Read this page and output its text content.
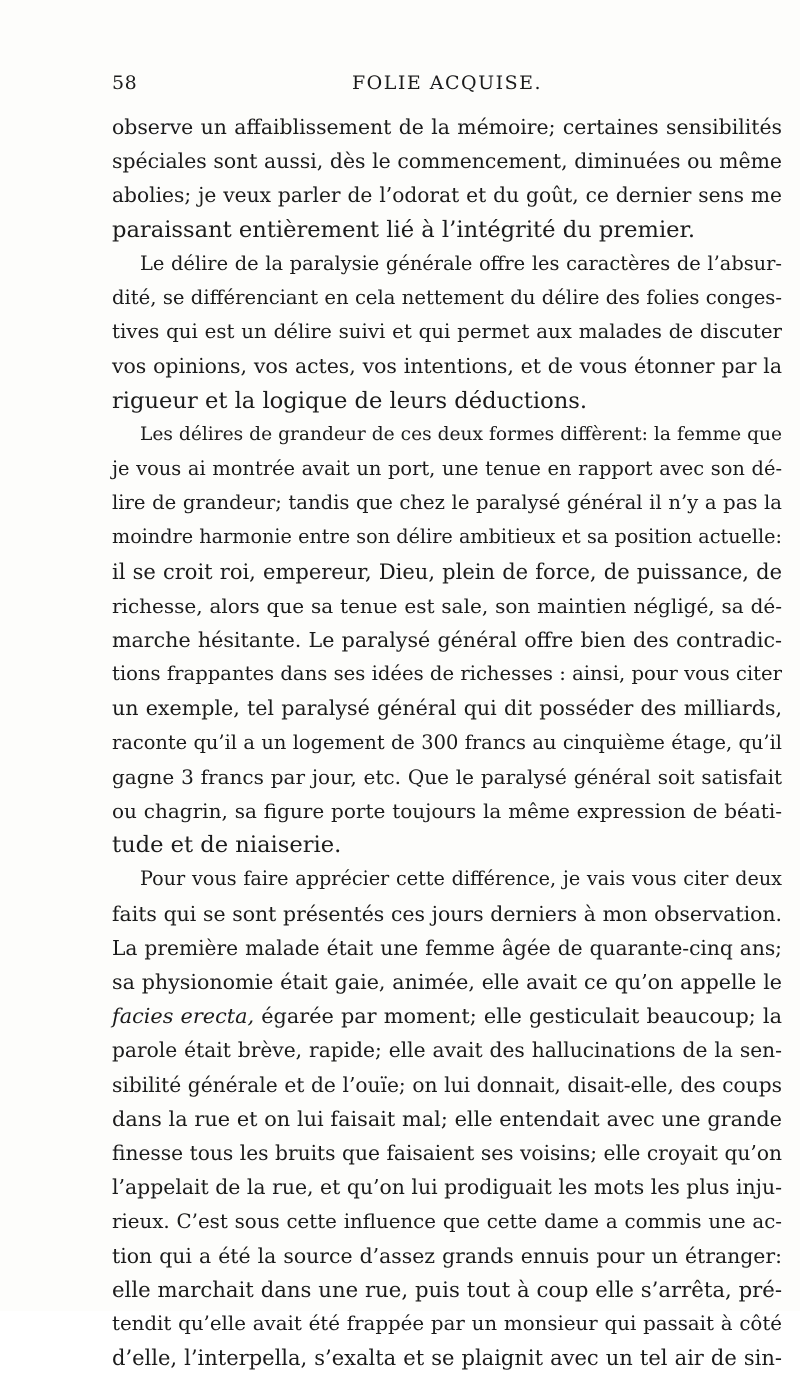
58	FOLIE ACQUISE.
observe un affaiblissement de la mémoire; certaines sensibilités
spéciales sont aussi, dès le commencement, diminuées ou même
abolies; je veux parler de l’odorat et du goût, ce dernier sens me
paraissant entièrement lié à l’intégrité du premier.
Le délire de la paralysie générale offre les caractères de l’absur-
dité, se différenciant en cela nettement du délire des folies conges-
tives qui est un délire suivi et qui permet aux malades de discuter
vos opinions, vos actes, vos intentions, et de vous étonner par la
rigueur et la logique de leurs déductions.
Les délires de grandeur de ces deux formes diffèrent: la femme que
je vous ai montrée avait un port, une tenue en rapport avec son dé-
lire de grandeur; tandis que chez le paralysé général il n’y a pas la
moindre harmonie entre son délire ambitieux et sa position actuelle:
il se croit roi, empereur, Dieu, plein de force, de puissance, de
richesse, alors que sa tenue est sale, son maintien négligé, sa dé-
marche hésitante. Le paralysé général offre bien des contradic-
tions frappantes dans ses idées de richesses : ainsi, pour vous citer
un exemple, tel paralysé général qui dit posséder des milliards,
raconte qu’il a un logement de 300 francs au cinquième étage, qu’il
gagne 3 francs par jour, etc. Que le paralysé général soit satisfait
ou chagrin, sa figure porte toujours la même expression de béati-
tude et de niaiserie.
Pour vous faire apprécier cette différence, je vais vous citer deux
faits qui se sont présentés ces jours derniers à mon observation.
La première malade était une femme âgée de quarante-cinq ans;
sa physionomie était gaie, animée, elle avait ce qu’on appelle le
facies erecta, égarée par moment; elle gesticulait beaucoup; la
parole était brève, rapide; elle avait des hallucinations de la sen-
sibilité générale et de l’ouïe; on lui donnait, disait-elle, des coups
dans la rue et on lui faisait mal; elle entendait avec une grande
finesse tous les bruits que faisaient ses voisins; elle croyait qu’on
l’appelait de la rue, et qu’on lui prodiguait les mots les plus inju-
rieux. C’est sous cette influence que cette dame a commis une ac-
tion qui a été la source d’assez grands ennuis pour un étranger:
elle marchait dans une rue, puis tout à coup elle s’arrêta, pré-
tendit qu’elle avait été frappée par un monsieur qui passait à côté
d’elle, l’interpella, s’exalta et se plaignit avec un tel air de sin-
